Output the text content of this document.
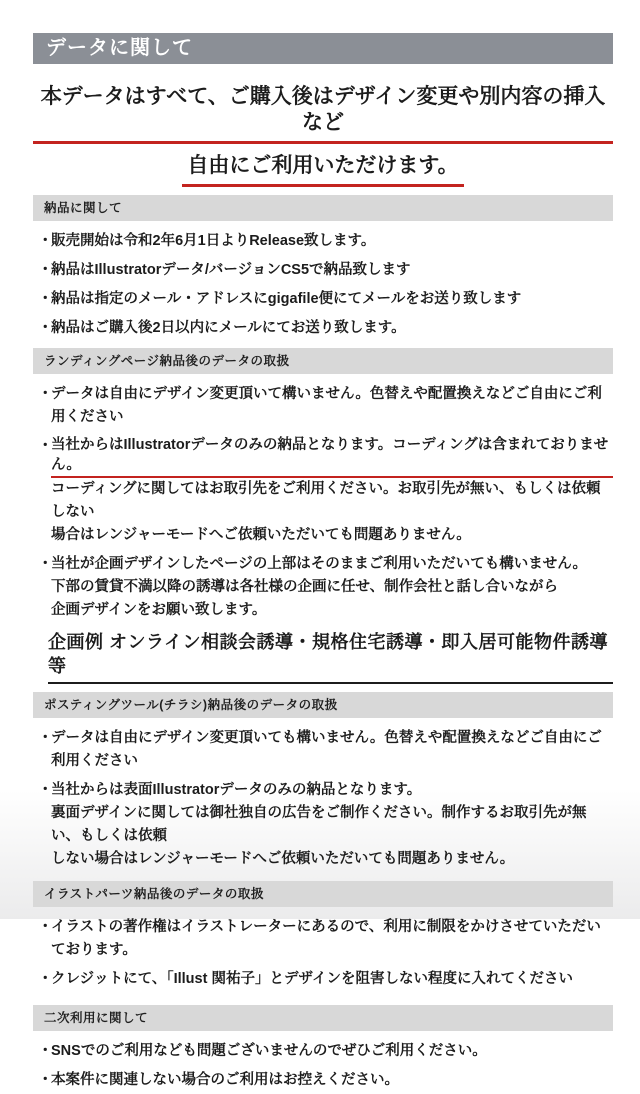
データに関して
本データはすべて、ご購入後はデザイン変更や別内容の挿入など
自由にご利用いただけます。
納品に関して
・
販売開始は令和2年6月1日よりRelease致します。
・
納品はIllustratorデータ/バージョンCS5で納品致します
・
納品は指定のメール・アドレスにgigafile便にてメールをお送り致します
・
納品はご購入後2日以内にメールにてお送り致します。
ランディングページ納品後のデータの取扱
・
データは自由にデザイン変更頂いて構いません。色替えや配置換えなどご自由にご利用ください
・
当社からはIllustratorデータのみの納品となります。コーディングは含まれておりません。
コーディングに関してはお取引先をご利用ください。お取引先が無い、もしくは依頼しない
場合はレンジャーモードへご依頼いただいても問題ありません。
・
当社が企画デザインしたページの上部はそのままご利用いただいても構いません。
下部の賃貸不満以降の誘導は各社様の企画に任せ、制作会社と話し合いながら
企画デザインをお願い致します。
企画例 オンライン相談会誘導・規格住宅誘導・即入居可能物件誘導 等
ポスティングツール(チラシ)納品後のデータの取扱
・
データは自由にデザイン変更頂いても構いません。色替えや配置換えなどご自由にご利用ください
・
当社からは表面Illustratorデータのみの納品となります。
裏面デザインに関しては御社独自の広告をご制作ください。制作するお取引先が無い、もしくは依頼
しない場合はレンジャーモードへご依頼いただいても問題ありません。
イラストパーツ納品後のデータの取扱
・
イラストの著作権はイラストレーターにあるので、利用に制限をかけさせていただいております。
・
クレジットにて、「Illust 関祐子」とデザインを阻害しない程度に入れてください
二次利用に関して
・
SNSでのご利用なども問題ございませんのでぜひご利用ください。
・
本案件に関連しない場合のご利用はお控えください。
